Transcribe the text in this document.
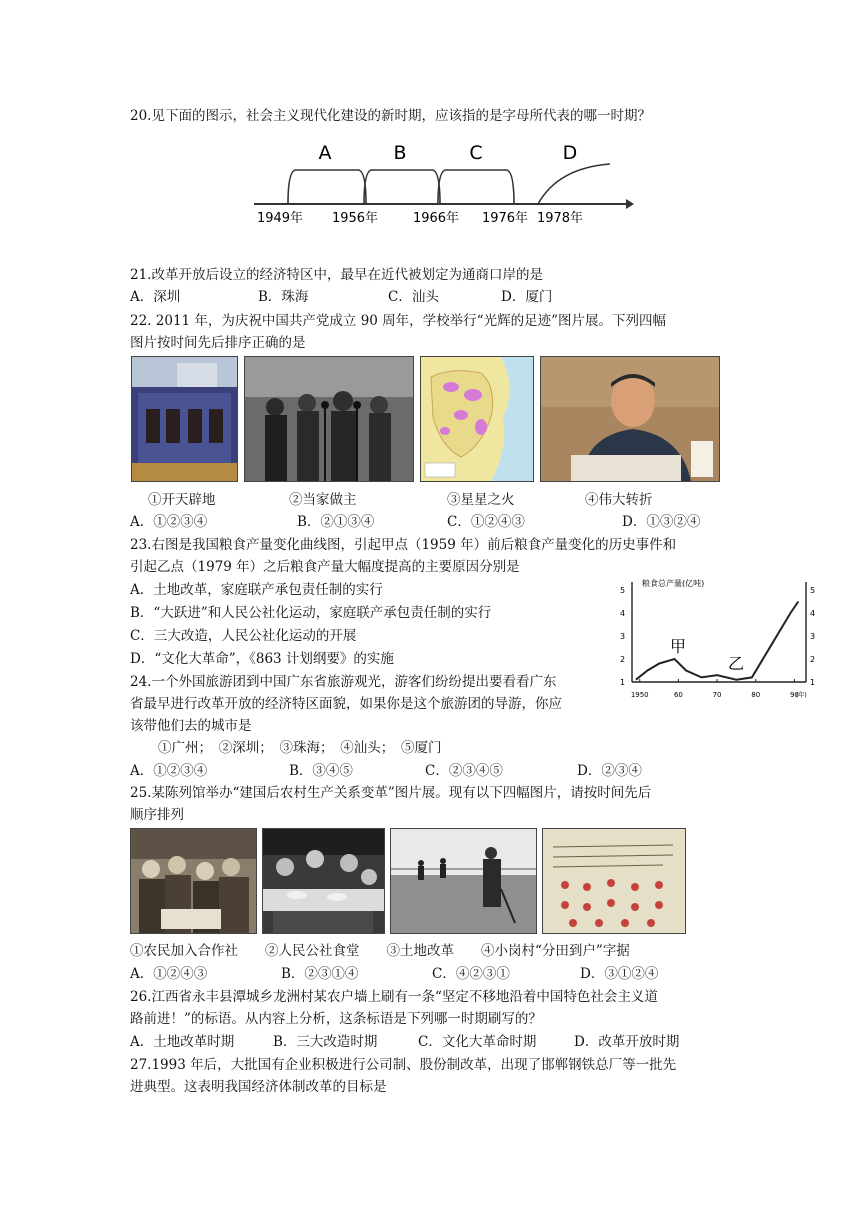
20.见下面的图示，社会主义现代化建设的新时期，应该指的是字母所代表的哪一时期？
A	B	C	D
1949年 1956年	1966年 1976年 1978年
21.改革开放后设立的经济特区中，最早在近代被划定为通商口岸的是
A．深圳	B．珠海	C．汕头	D．厦门
22. 2011 年，为庆祝中国共产党成立 90 周年，学校举行“光辉的足迹”图片展。下列四幅
图片按时间先后排序正确的是
①开天辟地	②当家做主	③星星之火	④伟大转折
A．①②③④	B．②①③④	C．①②④③	D．①③②④
23.右图是我国粮食产量变化曲线图，引起甲点（1959 年）前后粮食产量变化的历史事件和
引起乙点（1979 年）之后粮食产量大幅度提高的主要原因分别是
A．土地改革，家庭联产承包责任制的实行
B．“大跃进”和人民公社化运动，家庭联产承包责任制的实行
C．三大改造，人民公社化运动的开展
D．“文化大革命”，《863 计划纲要》的实施
粮食总产量(亿吨)
1950	60	70	80	90
1	1
2	2
3	3
4	4
5	5
甲
乙
(年)
24.一个外国旅游团到中国广东省旅游观光，游客们纷纷提出要看看广东
省最早进行改革开放的经济特区面貌，如果你是这个旅游团的导游，你应
该带他们去的城市是
①广州；　②深圳；　③珠海；　④汕头；　⑤厦门
A．①②③④	B．③④⑤	C．②③④⑤	D．②③④
25.某陈列馆举办“建国后农村生产关系变革”图片展。现有以下四幅图片，请按时间先后
顺序排列
①农民加入合作社　　②人民公社食堂　　③土地改革　　④小岗村“分田到户”字据
A．①②④③	B．②③①④	C．④②③①	D．③①②④
26.江西省永丰县潭城乡龙洲村某农户墙上刷有一条“坚定不移地沿着中国特色社会主义道
路前进！”的标语。从内容上分析，这条标语是下列哪一时期刷写的？
A．土地改革时期	B．三大改造时期	C．文化大革命时期	D．改革开放时期
27.1993 年后，大批国有企业积极进行公司制、股份制改革，出现了邯郸钢铁总厂等一批先
进典型。这表明我国经济体制改革的目标是
